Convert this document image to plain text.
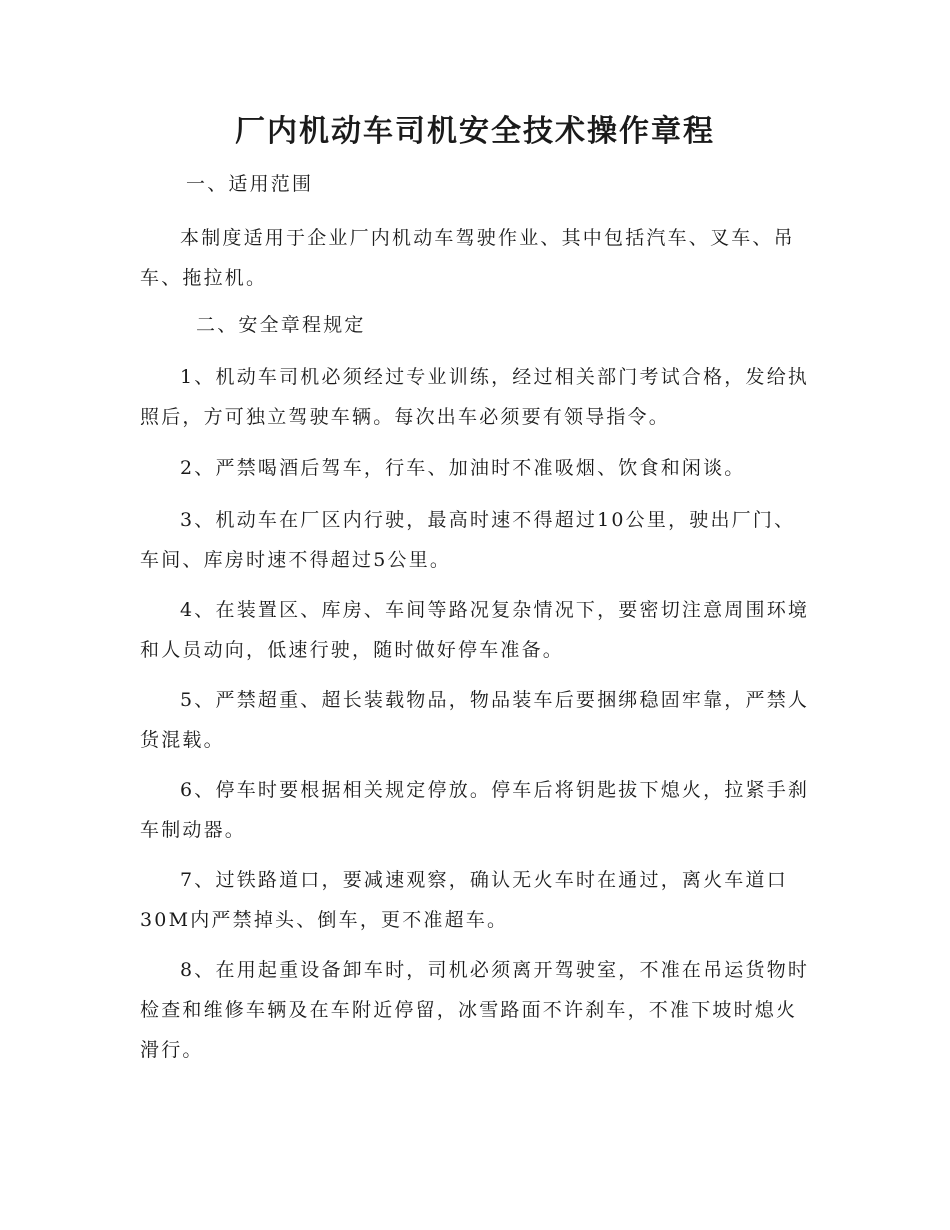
厂内机动车司机安全技术操作章程

一、适用范围

本制度适用于企业厂内机动车驾驶作业、其中包括汽车、叉车、吊车、拖拉机。

二、安全章程规定

1、机动车司机必须经过专业训练，经过相关部门考试合格，发给执照后，方可独立驾驶车辆。每次出车必须要有领导指令。

2、严禁喝酒后驾车，行车、加油时不准吸烟、饮食和闲谈。

3、机动车在厂区内行驶，最高时速不得超过10公里，驶出厂门、车间、库房时速不得超过5公里。

4、在装置区、库房、车间等路况复杂情况下，要密切注意周围环境和人员动向，低速行驶，随时做好停车准备。

5、严禁超重、超长装载物品，物品装车后要捆绑稳固牢靠，严禁人货混载。

6、停车时要根据相关规定停放。停车后将钥匙拔下熄火，拉紧手刹车制动器。

7、过铁路道口，要减速观察，确认无火车时在通过，离火车道口30M内严禁掉头、倒车，更不准超车。

8、在用起重设备卸车时，司机必须离开驾驶室，不准在吊运货物时检查和维修车辆及在车附近停留，冰雪路面不许刹车，不准下坡时熄火滑行。
